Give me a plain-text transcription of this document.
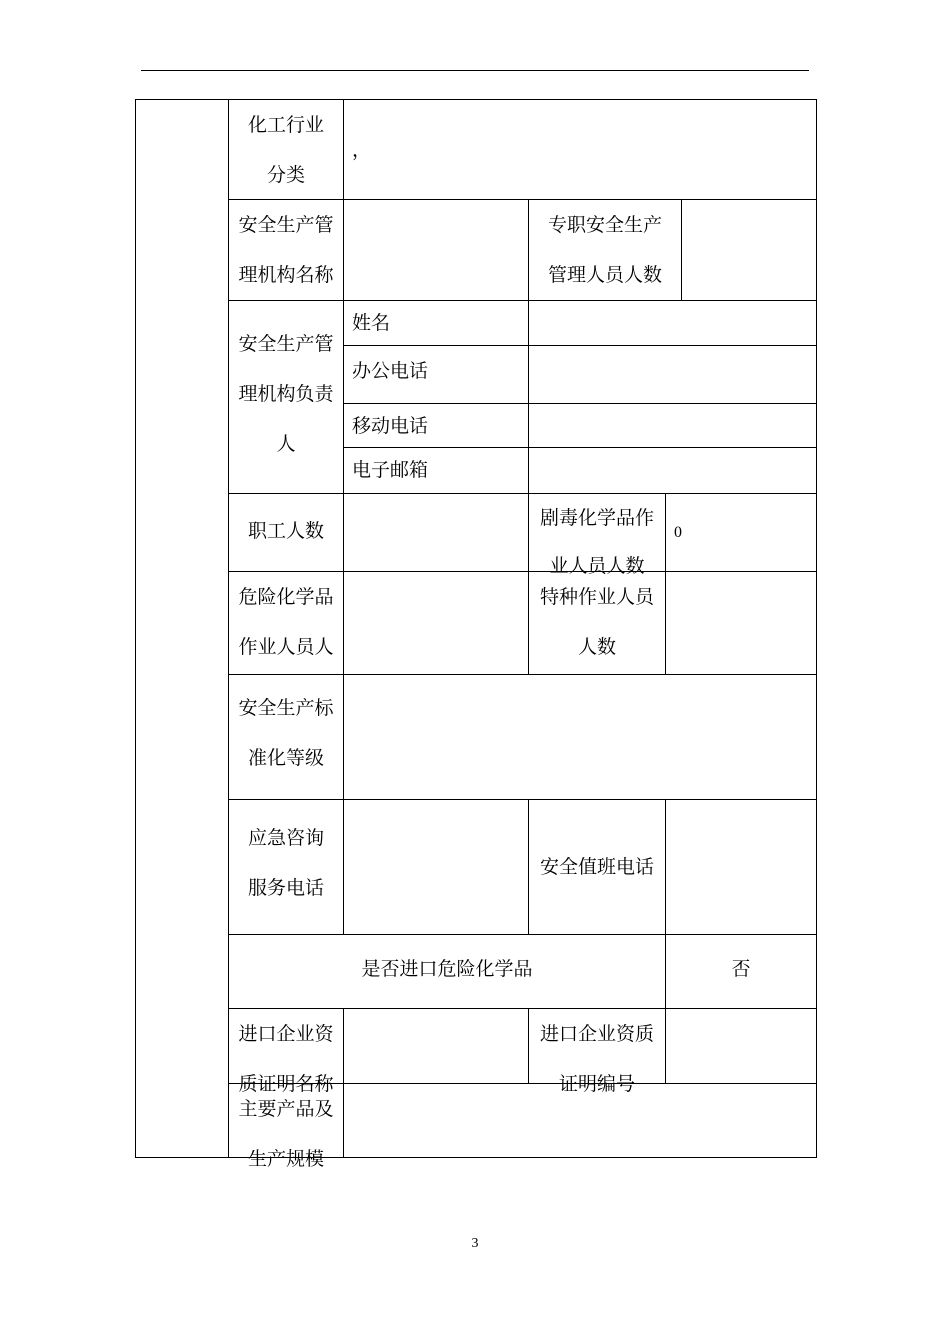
化工行业
分类
，
安全生产管
理机构名称
专职安全生产
管理人员人数
安全生产管
理机构负责
人
姓名
办公电话
移动电话
电子邮箱
职工人数
剧毒化学品作
业人员人数
0
危险化学品
作业人员人
特种作业人员
人数
安全生产标
准化等级
应急咨询
服务电话
安全值班电话
是否进口危险化学品	否
进口企业资
质证明名称
进口企业资质
证明编号
主要产品及
生产规模
3
